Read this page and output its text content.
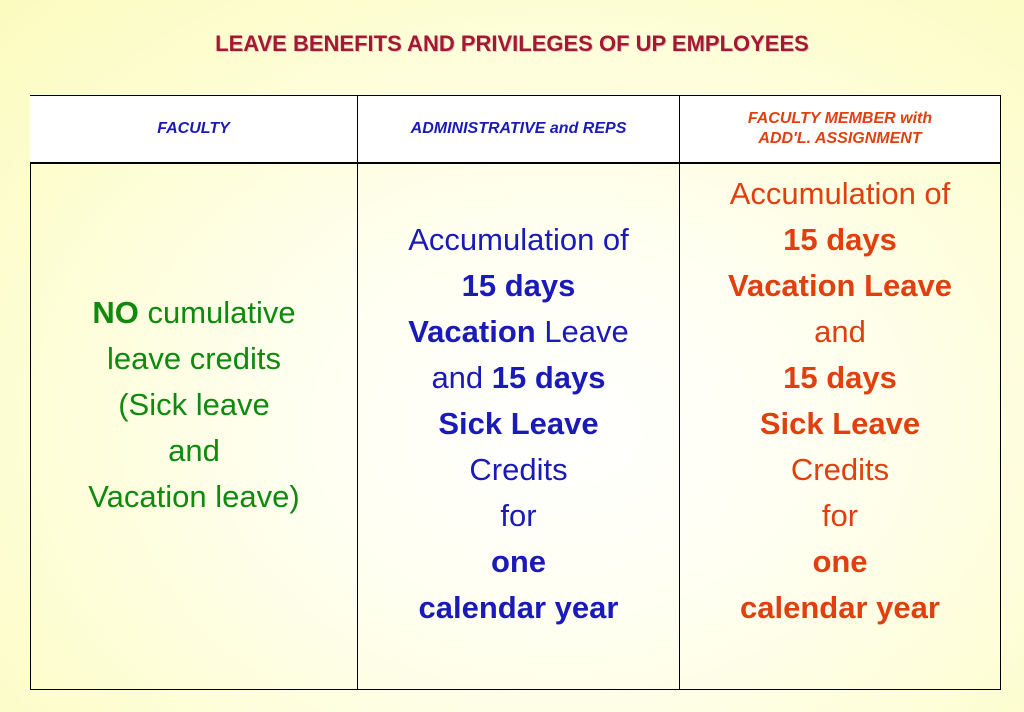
LEAVE BENEFITS AND PRIVILEGES OF UP EMPLOYEES
FACULTY	ADMINISTRATIVE and REPS
FACULTY MEMBER with
ADD'L. ASSIGNMENT
NO cumulative
leave credits
(Sick leave
and
Vacation leave)
Accumulation of
15 days
Vacation Leave
and 15 days
Sick Leave
Credits
for
one
calendar year
Accumulation of
15 days
Vacation Leave
and
15 days
Sick Leave
Credits
for
one
calendar year
